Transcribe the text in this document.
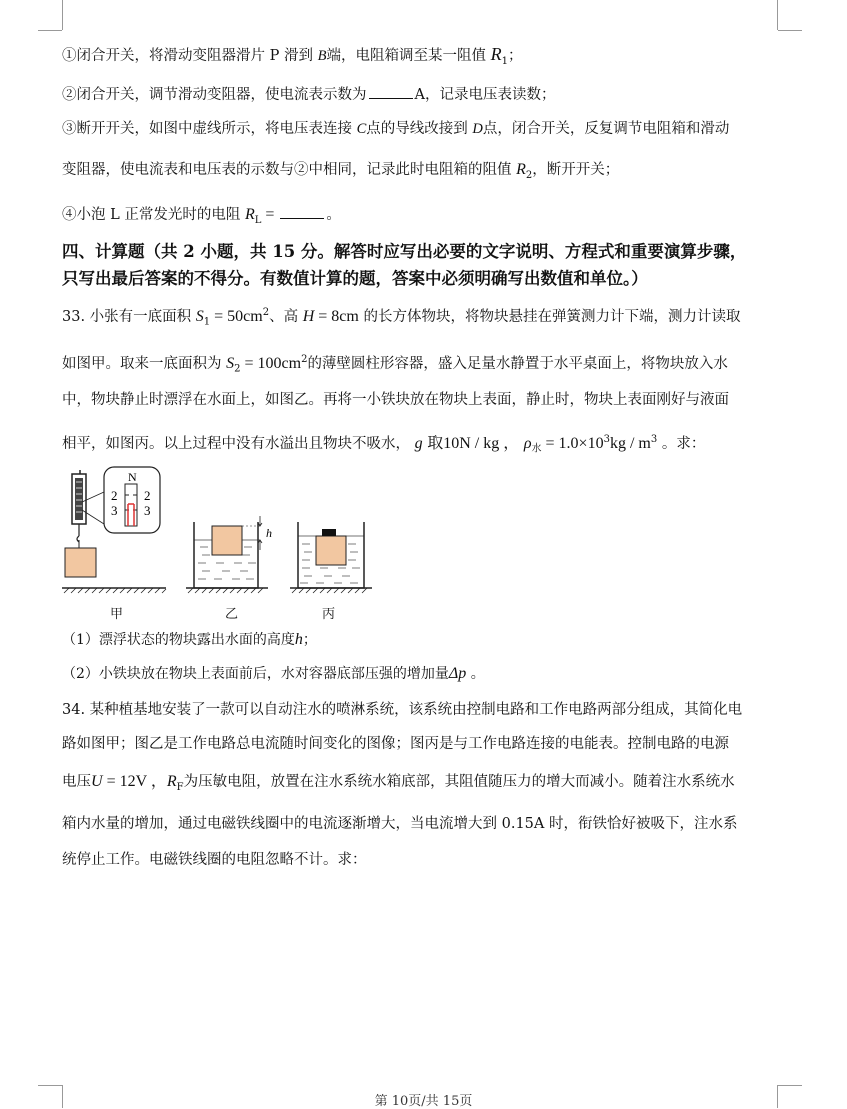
①闭合开关，将滑动变阻器滑片 P 滑到 B端，电阻箱调至某一阻值 $R_1$；
②闭合开关，调节滑动变阻器，使电流表示数为	A，记录电压表读数；
③断开开关，如图中虚线所示，将电压表连接 C点的导线改接到 D点，闭合开关，反复调节电阻箱和滑动
变阻器，使电流表和电压表的示数与②中相同，记录此时电阻箱的阻值 $R_2$，断开开关；
④小泡 L 正常发光时的电阻 $R_L$ =	。
四、计算题（共 2 小题，共 15 分。解答时应写出必要的文字说明、方程式和重要演算步骤，
只写出最后答案的不得分。有数值计算的题，答案中必须明确写出数值和单位。）
33. 小张有一底面积 $S_1 = 50cm^2$、高 H = 8cm 的长方体物块，将物块悬挂在弹簧测力计下端，测力计读取
如图甲。取来一底面积为 $S_2 = 100cm^2$的薄壁圆柱形容器，盛入足量水静置于水平桌面上，将物块放入水
中，物块静止时漂浮在水面上，如图乙。再将一小铁块放在物块上表面，静止时，物块上表面刚好与液面
相平，如图丙。以上过程中没有水溢出且物块不吸水， g 取10N / kg ， $\rho_水 = 1.0\times 10^3kg / m^3$ 。求：
N
2
3
2
3
h
甲	乙	丙
（1）漂浮状态的物块露出水面的高度h；
（2）小铁块放在物块上表面前后，水对容器底部压强的增加量Δp 。
34. 某种植基地安装了一款可以自动注水的喷淋系统，该系统由控制电路和工作电路两部分组成，其简化电
路如图甲；图乙是工作电路总电流随时间变化的图像；图丙是与工作电路连接的电能表。控制电路的电源
电压U = 12V ，$R_F$为压敏电阻，放置在注水系统水箱底部，其阻值随压力的增大而减小。随着注水系统水
箱内水量的增加，通过电磁铁线圈中的电流逐渐增大，当电流增大到 0.15A 时，衔铁恰好被吸下，注水系
统停止工作。电磁铁线圈的电阻忽略不计。求：
第 10页/共 15页
